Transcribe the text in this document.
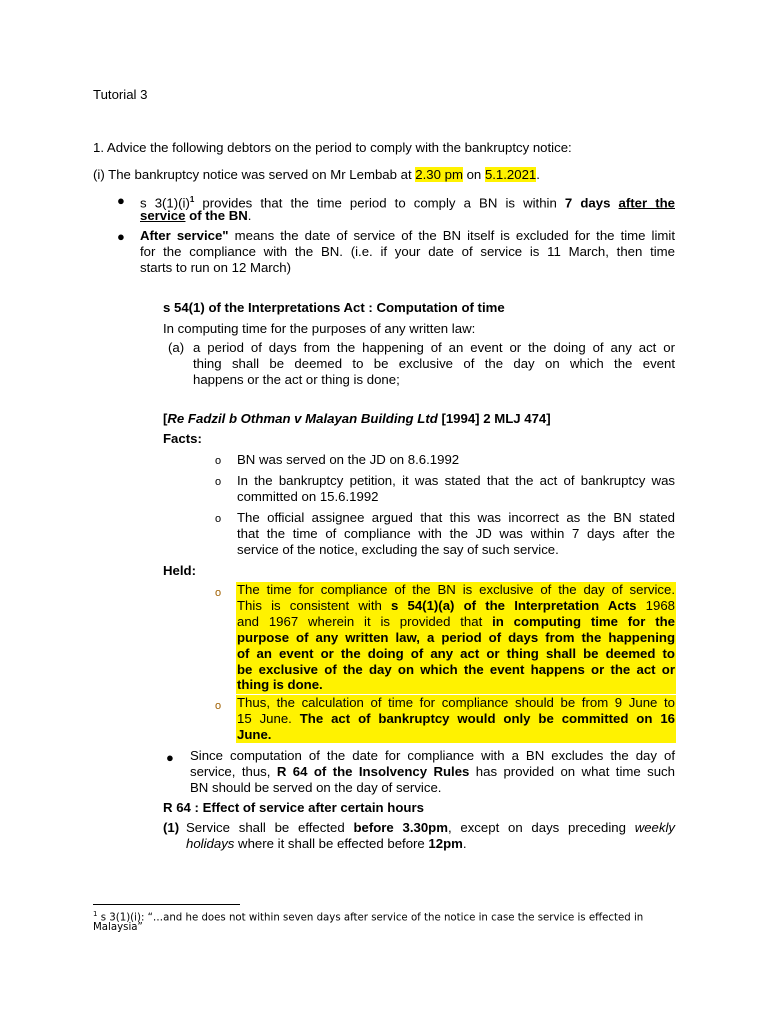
Tutorial 3
1. Advice the following debtors on the period to comply with the bankruptcy notice:
(i) The bankruptcy notice was served on Mr Lembab at 2.30 pm on 5.1.2021.
● s $3(1)(i)^1$ provides that the time period to comply a BN is within 7 days after the
service of the BN.
● After service" means the date of service of the BN itself is excluded for the time limit
for the compliance with the BN. (i.e. if your date of service is 11 March, then time
starts to run on 12 March)
s 54(1) of the Interpretations Act : Computation of time
In computing time for the purposes of any written law:
(a) a period of days from the happening of an event or the doing of any act or
thing shall be deemed to be exclusive of the day on which the event
happens or the act or thing is done;
[Re Fadzil b Othman v Malayan Building Ltd [1994] 2 MLJ 474]
Facts:
o BN was served on the JD on 8.6.1992
o In the bankruptcy petition, it was stated that the act of bankruptcy was
committed on 15.6.1992
o The official assignee argued that this was incorrect as the BN stated
that the time of compliance with the JD was within 7 days after the
service of the notice, excluding the say of such service.
Held:
o The time for compliance of the BN is exclusive of the day of service.
This is consistent with s 54(1)(a) of the Interpretation Acts 1968
and 1967 wherein it is provided that in computing time for the
purpose of any written law, a period of days from the happening
of an event or the doing of any act or thing shall be deemed to
be exclusive of the day on which the event happens or the act or
thing is done.
o Thus, the calculation of time for compliance should be from 9 June to
15 June. The act of bankruptcy would only be committed on 16
June.
● Since computation of the date for compliance with a BN excludes the day of
service, thus, R 64 of the Insolvency Rules has provided on what time such
BN should be served on the day of service.
R 64 : Effect of service after certain hours
(1) Service shall be effected before 3.30pm, except on days preceding weekly
holidays where it shall be effected before 12pm.
$^1$ s 3(1)(i): “…and he does not within seven days after service of the notice in case the service is effected in
Malaysia”
